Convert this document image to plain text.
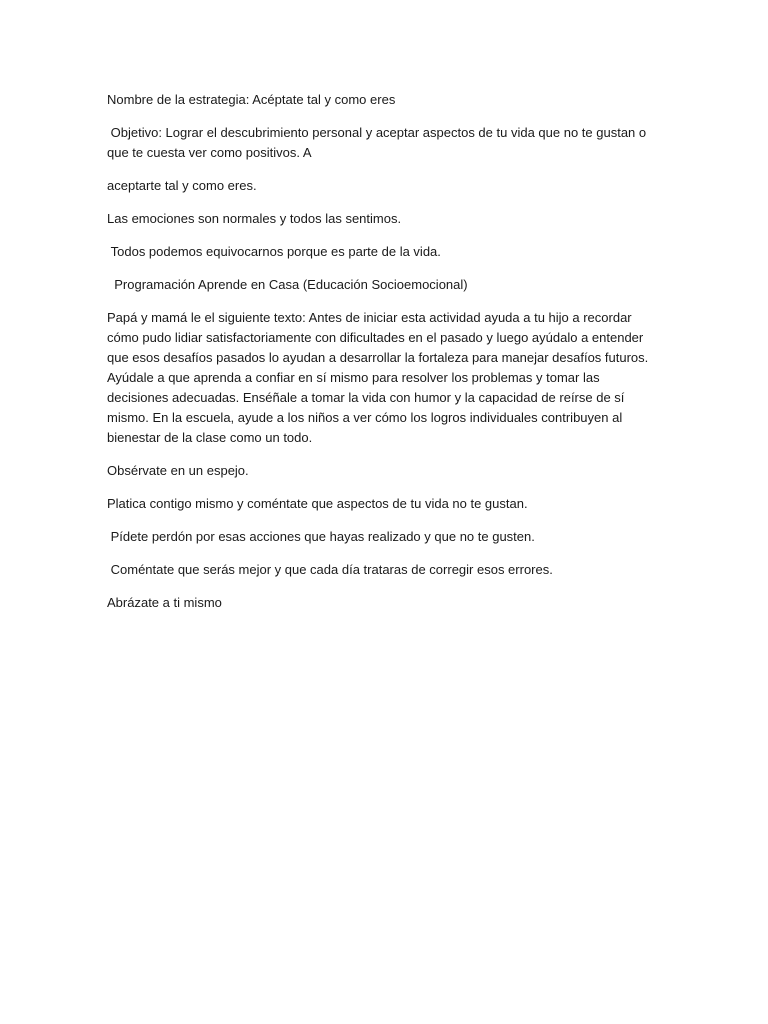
Nombre de la estrategia: Acéptate tal y como eres

Objetivo: Lograr el descubrimiento personal y aceptar aspectos de tu vida que no te gustan o que te cuesta ver como positivos. A

aceptarte tal y como eres.

Las emociones son normales y todos las sentimos.

Todos podemos equivocarnos porque es parte de la vida.

Programación Aprende en Casa (Educación Socioemocional)

Papá y mamá le el siguiente texto: Antes de iniciar esta actividad ayuda a tu hijo a recordar cómo pudo lidiar satisfactoriamente con dificultades en el pasado y luego ayúdalo a entender que esos desafíos pasados lo ayudan a desarrollar la fortaleza para manejar desafíos futuros. Ayúdale a que aprenda a confiar en sí mismo para resolver los problemas y tomar las decisiones adecuadas. Enséñale a tomar la vida con humor y la capacidad de reírse de sí mismo. En la escuela, ayude a los niños a ver cómo los logros individuales contribuyen al bienestar de la clase como un todo.

Obsérvate en un espejo.

Platica contigo mismo y coméntate que aspectos de tu vida no te gustan.

Pídete perdón por esas acciones que hayas realizado y que no te gusten.

Coméntate que serás mejor y que cada día trataras de corregir esos errores.

Abrázate a ti mismo
